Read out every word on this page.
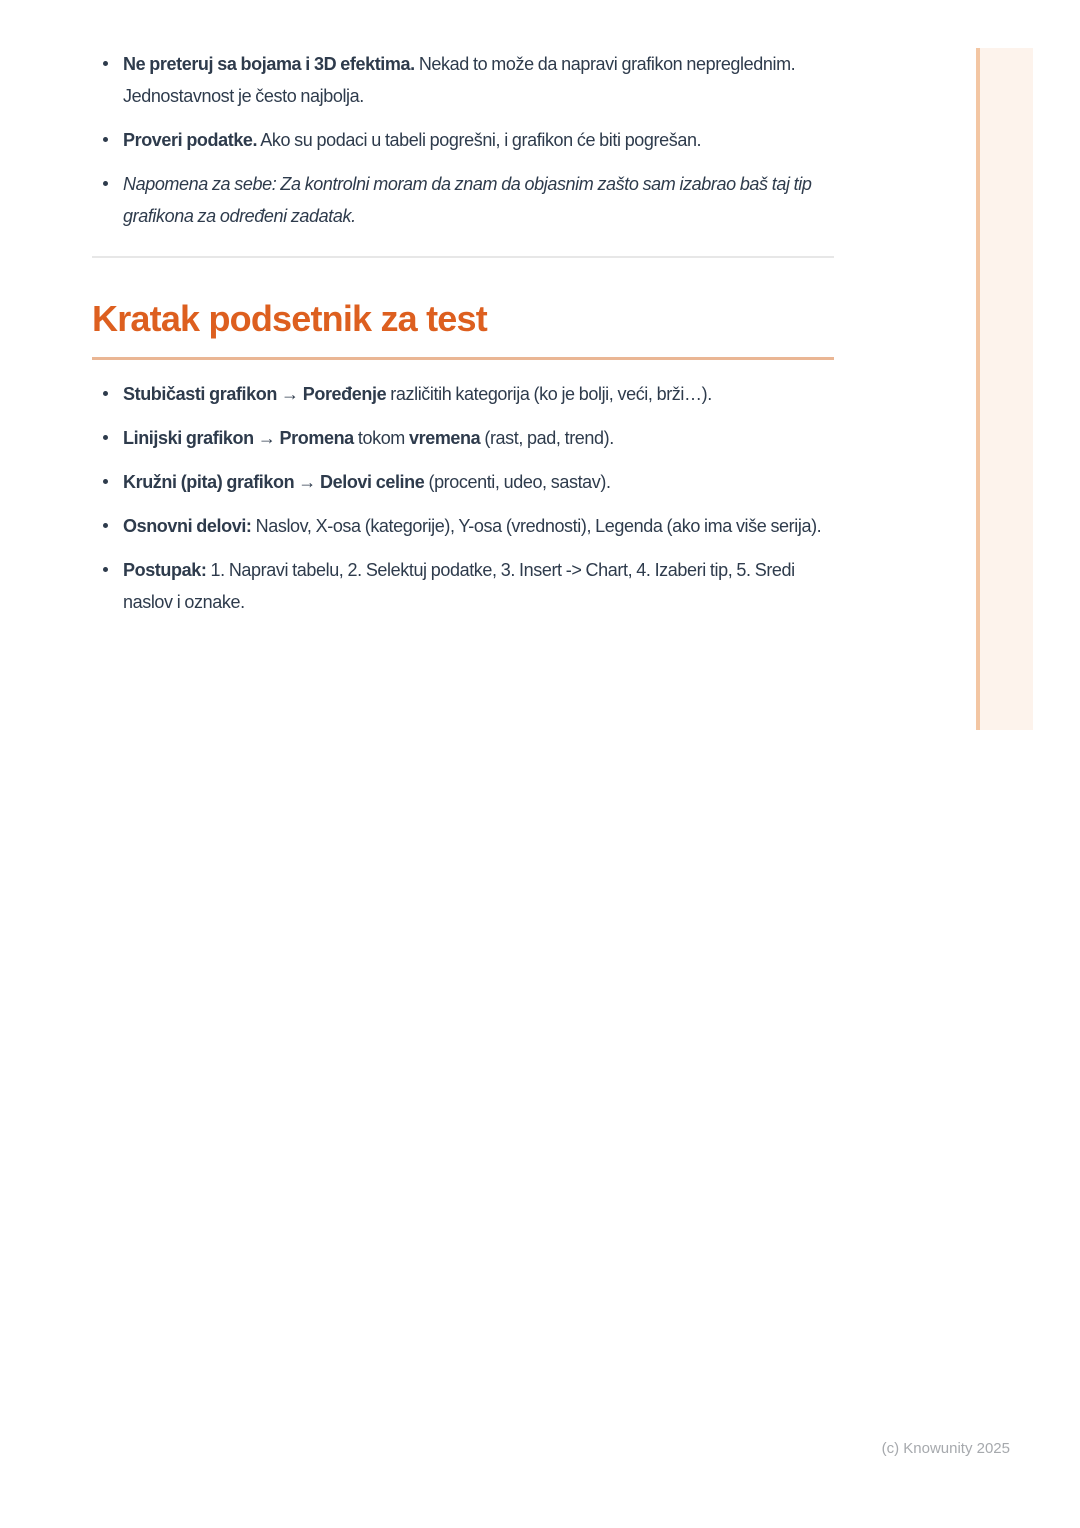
Ne preteruj sa bojama i 3D efektima. Nekad to može da napravi grafikon nepreglednim. Jednostavnost je često najbolja.
Proveri podatke. Ako su podaci u tabeli pogrešni, i grafikon će biti pogrešan.
Napomena za sebe: Za kontrolni moram da znam da objasnim zašto sam izabrao baš taj tip grafikona za određeni zadatak.
Kratak podsetnik za test
Stubičasti grafikon → Poređenje različitih kategorija (ko je bolji, veći, brži…).
Linijski grafikon → Promena tokom vremena (rast, pad, trend).
Kružni (pita) grafikon → Delovi celine (procenti, udeo, sastav).
Osnovni delovi: Naslov, X-osa (kategorije), Y-osa (vrednosti), Legenda (ako ima više serija).
Postupak: 1. Napravi tabelu, 2. Selektuj podatke, 3. Insert -> Chart, 4. Izaberi tip, 5. Sredi naslov i oznake.
(c) Knowunity 2025
